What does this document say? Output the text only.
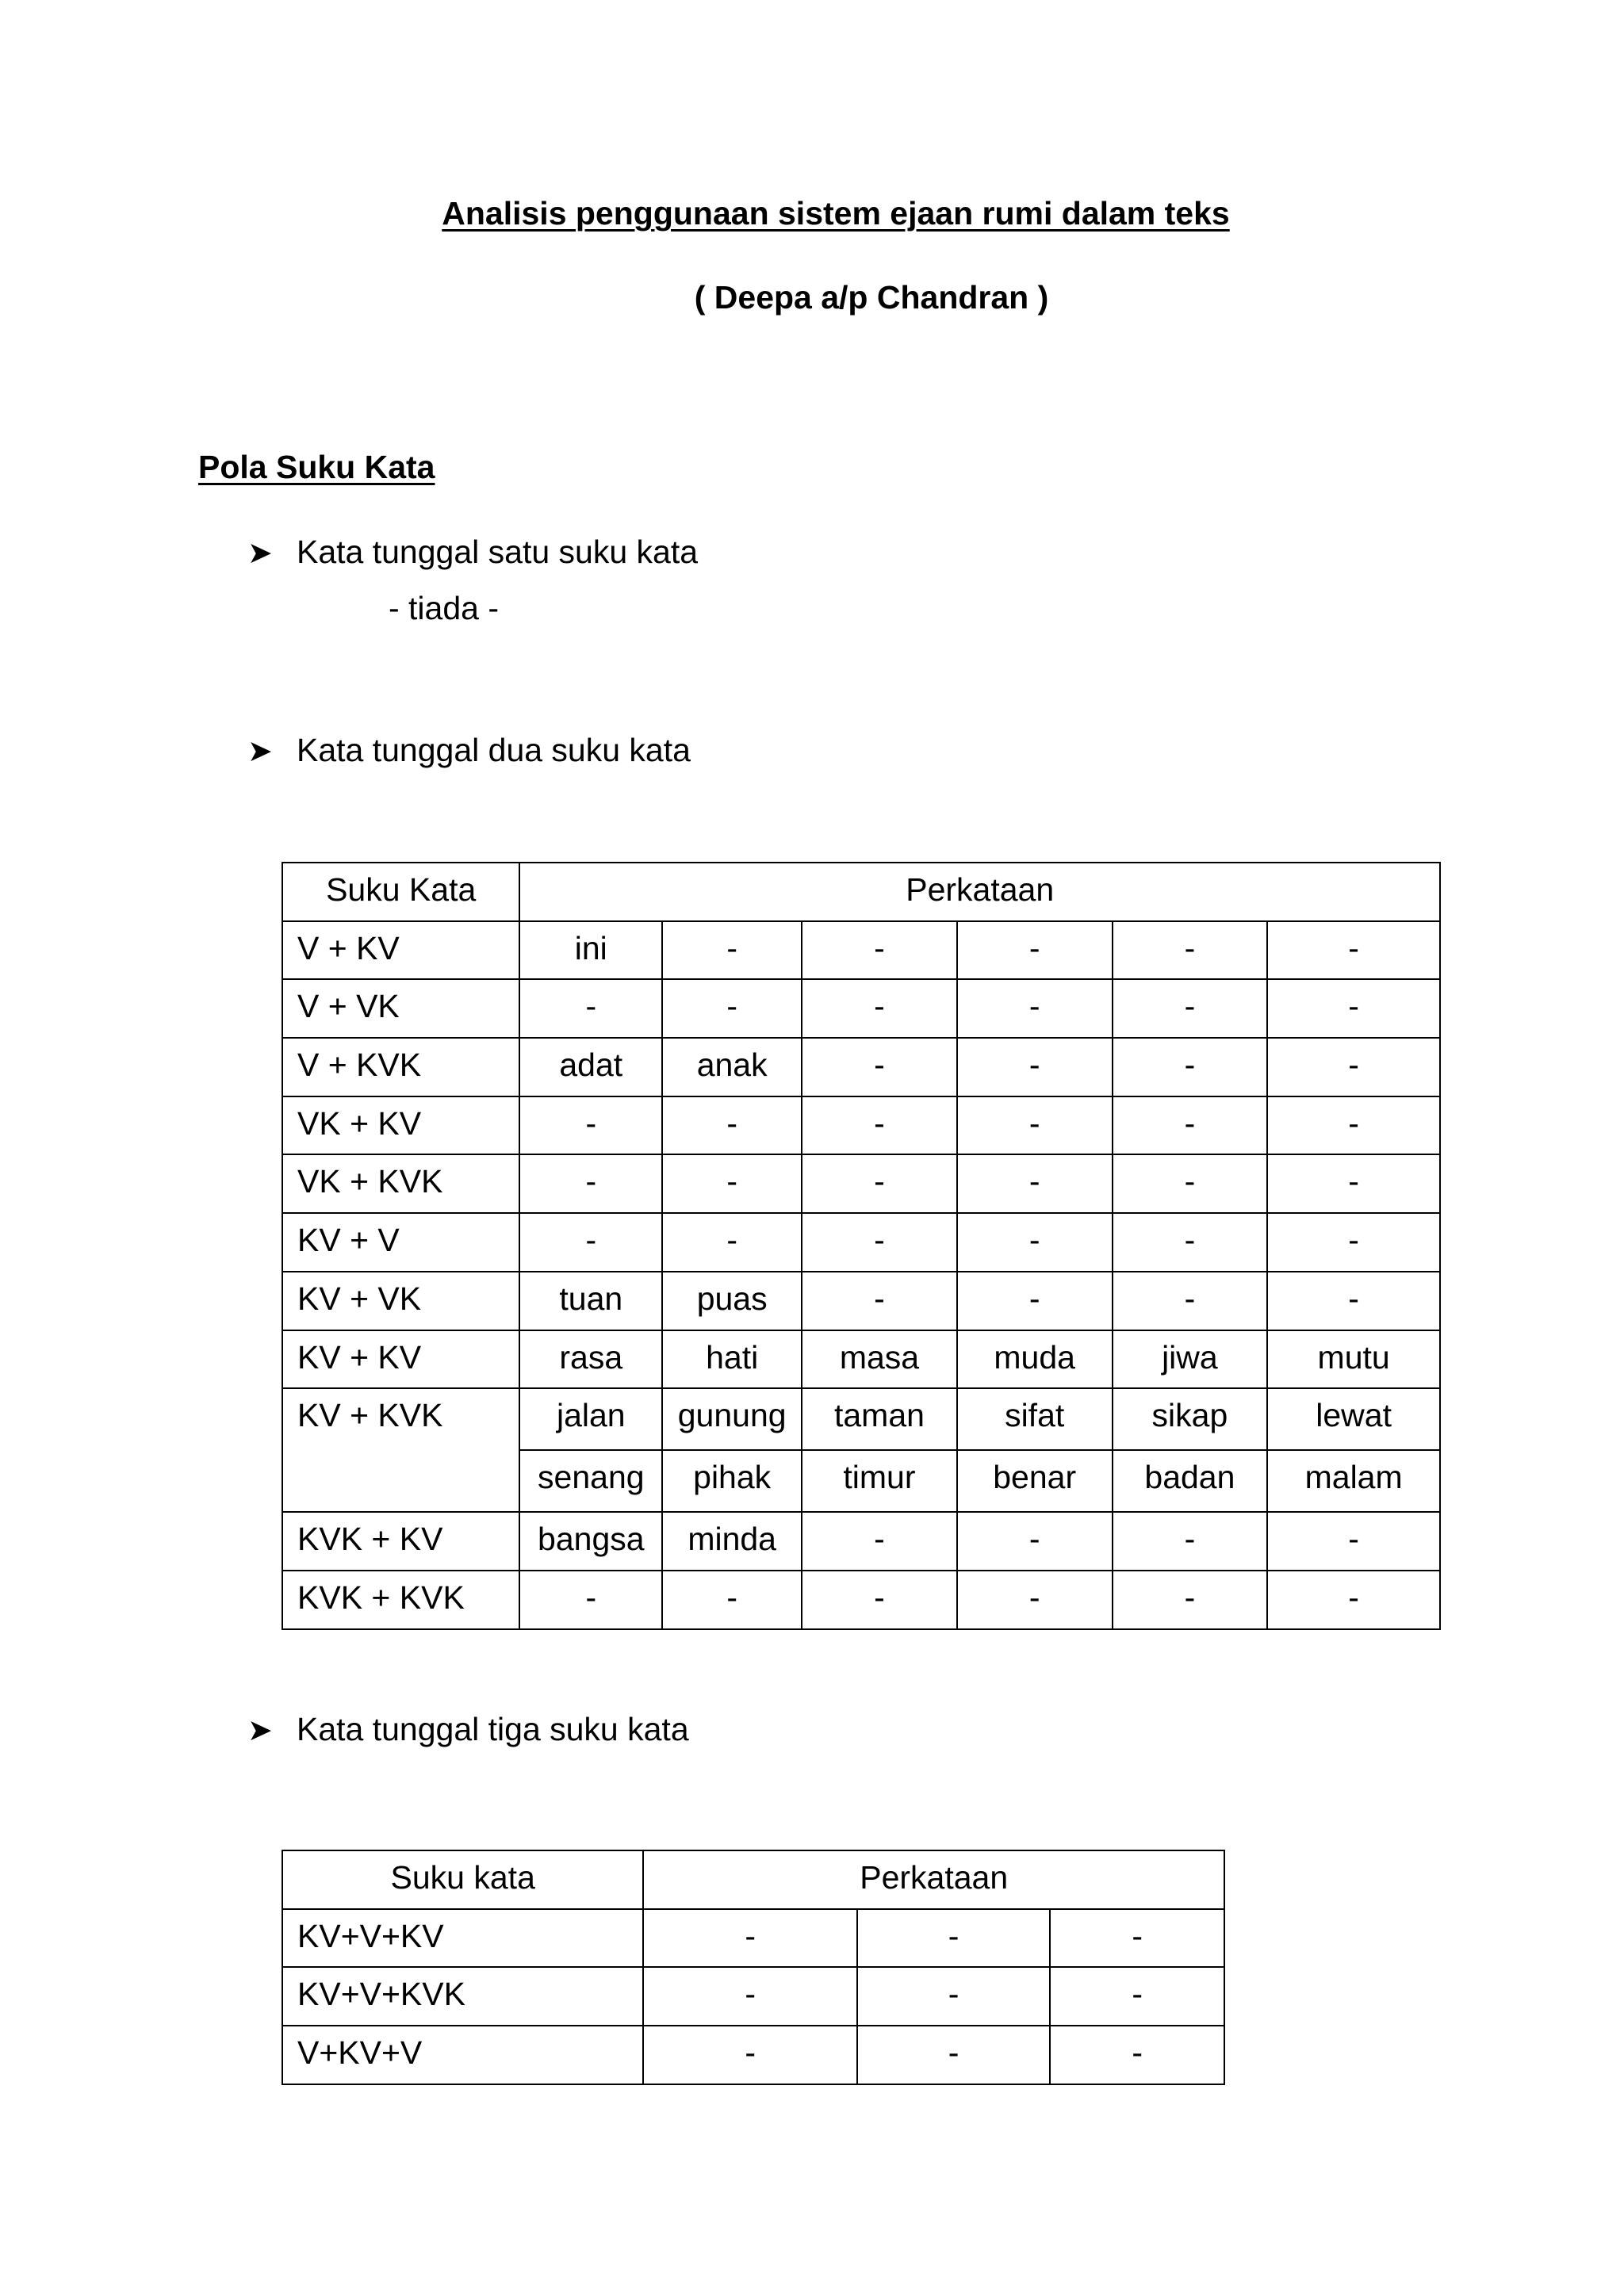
Analisis penggunaan sistem ejaan rumi dalam teks
( Deepa a/p Chandran )
Pola Suku Kata
➤ Kata tunggal satu suku kata
- tiada -
➤ Kata tunggal dua suku kata
Suku Kata	Perkataan					
V + KV	ini	-	-	-	-	-
V + VK	-	-	-	-	-	-
V + KVK	adat	anak	-	-	-	-
VK + KV	-	-	-	-	-	-
VK + KVK	-	-	-	-	-	-
KV + V	-	-	-	-	-	-
KV + VK	tuan	puas	-	-	-	-
KV + KV	rasa	hati	masa	muda	jiwa	mutu
KV + KVK	jalan	gunung	taman	sifat	sikap	lewat
	senang	pihak	timur	benar	badan	malam
KVK + KV	bangsa	minda	-	-	-	-
KVK + KVK	-	-	-	-	-	-
➤ Kata tunggal tiga suku kata
Suku kata	Perkataan		
KV+V+KV	-	-	-
KV+V+KVK	-	-	-
V+KV+V	-	-	-
